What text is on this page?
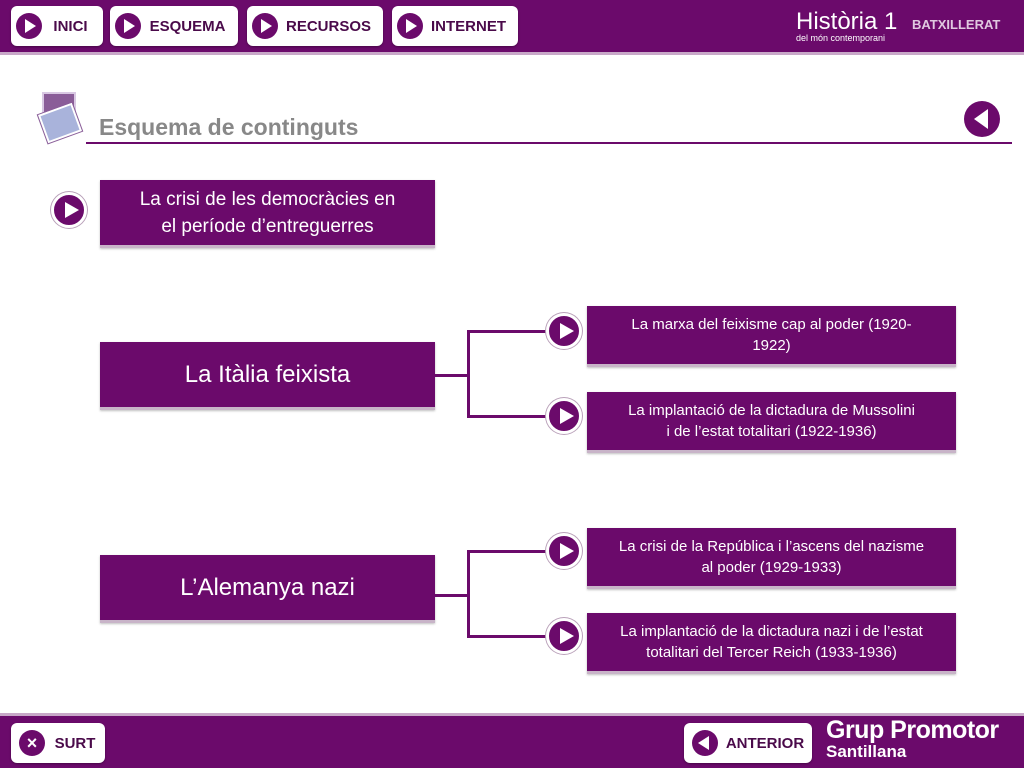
INICI	ESQUEMA	RECURSOS	INTERNET	Història 1 BATXILLERAT
del món contemporani
Esquema de continguts
La crisi de les democràcies en
el període d’entreguerres
La Itàlia feixista
La marxa del feixisme cap al poder (1920-
1922)
La implantació de la dictadura de Mussolini
i de l’estat totalitari (1922-1936)
L’Alemanya nazi
La crisi de la República i l’ascens del nazisme
al poder (1929-1933)
La implantació de la dictadura nazi i de l’estat
totalitari del Tercer Reich (1933-1936)
×	SURT	ANTERIOR Grup Promotor
Santillana
